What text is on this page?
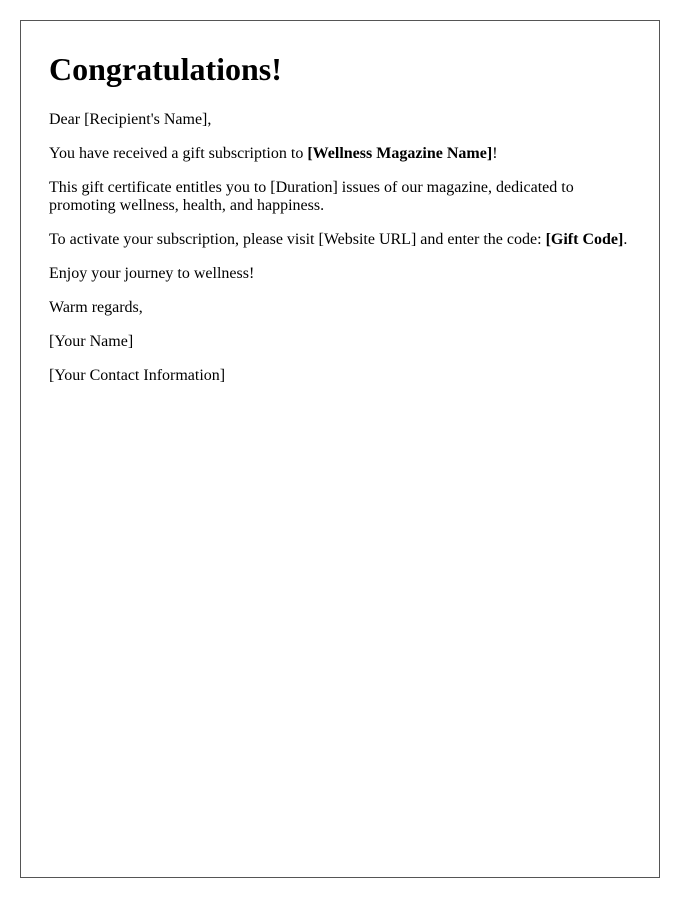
Congratulations!

Dear [Recipient's Name],

You have received a gift subscription to [Wellness Magazine Name]!

This gift certificate entitles you to [Duration] issues of our magazine, dedicated to promoting wellness, health, and happiness.

To activate your subscription, please visit [Website URL] and enter the code: [Gift Code].

Enjoy your journey to wellness!

Warm regards,

[Your Name]

[Your Contact Information]
